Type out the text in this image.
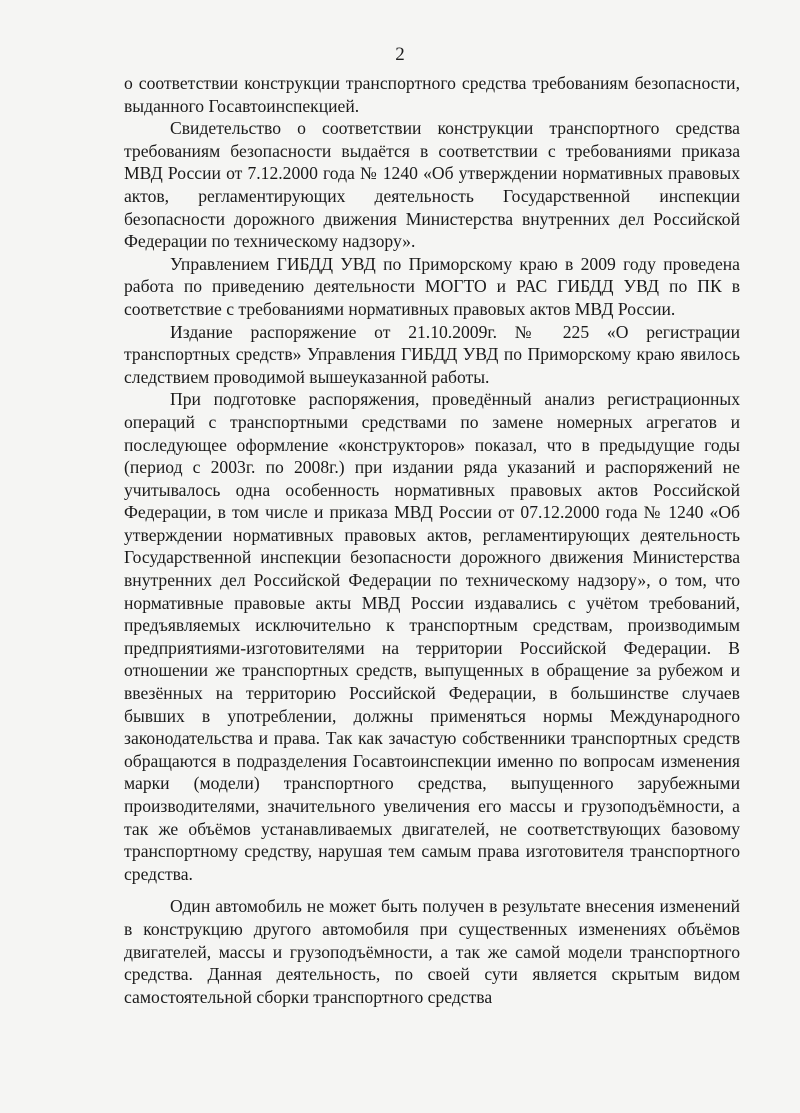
2

о соответствии конструкции транспортного средства требованиям безопасности, выданного Госавтоинспекцией.

Свидетельство о соответствии конструкции транспортного средства требованиям безопасности выдаётся в соответствии с требованиями приказа МВД России от 7.12.2000 года № 1240 «Об утверждении нормативных правовых актов, регламентирующих деятельность Государственной инспекции безопасности дорожного движения Министерства внутренних дел Российской Федерации по техническому надзору».

Управлением ГИБДД УВД по Приморскому краю в 2009 году проведена работа по приведению деятельности МОГТО и РАС ГИБДД УВД по ПК в соответствие с требованиями нормативных правовых актов МВД России.

Издание распоряжение от 21.10.2009г. № 225 «О регистрации транспортных средств» Управления ГИБДД УВД по Приморскому краю явилось следствием проводимой вышеуказанной работы.

При подготовке распоряжения, проведённый анализ регистрационных операций с транспортными средствами по замене номерных агрегатов и последующее оформление «конструкторов» показал, что в предыдущие годы (период с 2003г. по 2008г.) при издании ряда указаний и распоряжений не учитывалось одна особенность нормативных правовых актов Российской Федерации, в том числе и приказа МВД России от 07.12.2000 года № 1240 «Об утверждении нормативных правовых актов, регламентирующих деятельность Государственной инспекции безопасности дорожного движения Министерства внутренних дел Российской Федерации по техническому надзору», о том, что нормативные правовые акты МВД России издавались с учётом требований, предъявляемых исключительно к транспортным средствам, производимым предприятиями-изготовителями на территории Российской Федерации. В отношении же транспортных средств, выпущенных в обращение за рубежом и ввезённых на территорию Российской Федерации, в большинстве случаев бывших в употреблении, должны применяться нормы Международного законодательства и права. Так как зачастую собственники транспортных средств обращаются в подразделения Госавтоинспекции именно по вопросам изменения марки (модели) транспортного средства, выпущенного зарубежными производителями, значительного увеличения его массы и грузоподъёмности, а так же объёмов устанавливаемых двигателей, не соответствующих базовому транспортному средству, нарушая тем самым права изготовителя транспортного средства.

Один автомобиль не может быть получен в результате внесения изменений в конструкцию другого автомобиля при существенных изменениях объёмов двигателей, массы и грузоподъёмности, а так же самой модели транспортного средства. Данная деятельность, по своей сути является скрытым видом самостоятельной сборки транспортного средства
